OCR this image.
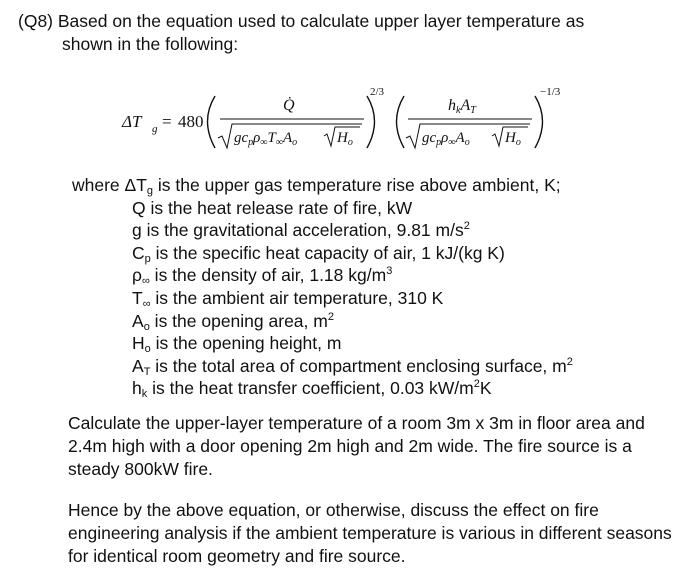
(Q8) Based on the equation used to calculate upper layer temperature as
shown in the following:
ΔT g = 480
Q̇
$gc_p\rho_\infty T_\infty A_o$	$H_o$
2/3
hkAT
$gc_p\rho_\infty A_o$ $H_o$
−1/3
where $\Delta T_g$ is the upper gas temperature rise above ambient, K;
Q is the heat release rate of fire, kW
g is the gravitational acceleration, 9.81 $m/s^2$
$C_p$ is the specific heat capacity of air, 1 kJ/(kg K)
$\rho_\infty$ is the density of air, 1.18 $kg/m^3$
$T_\infty$ is the ambient air temperature, 310 K
$A_o$ is the opening area, $m^2$
$H_o$ is the opening height, m
$A_T$ is the total area of compartment enclosing surface, $m^2$
$h_k$ is the heat transfer coefficient, 0.03 $kW/m^2K$
Calculate the upper-layer temperature of a room 3m x 3m in floor area and 2.4m high with a door opening 2m high and 2m wide. The fire source is a steady 800kW fire.
Hence by the above equation, or otherwise, discuss the effect on fire engineering analysis if the ambient temperature is various in different seasons for identical room geometry and fire source.
